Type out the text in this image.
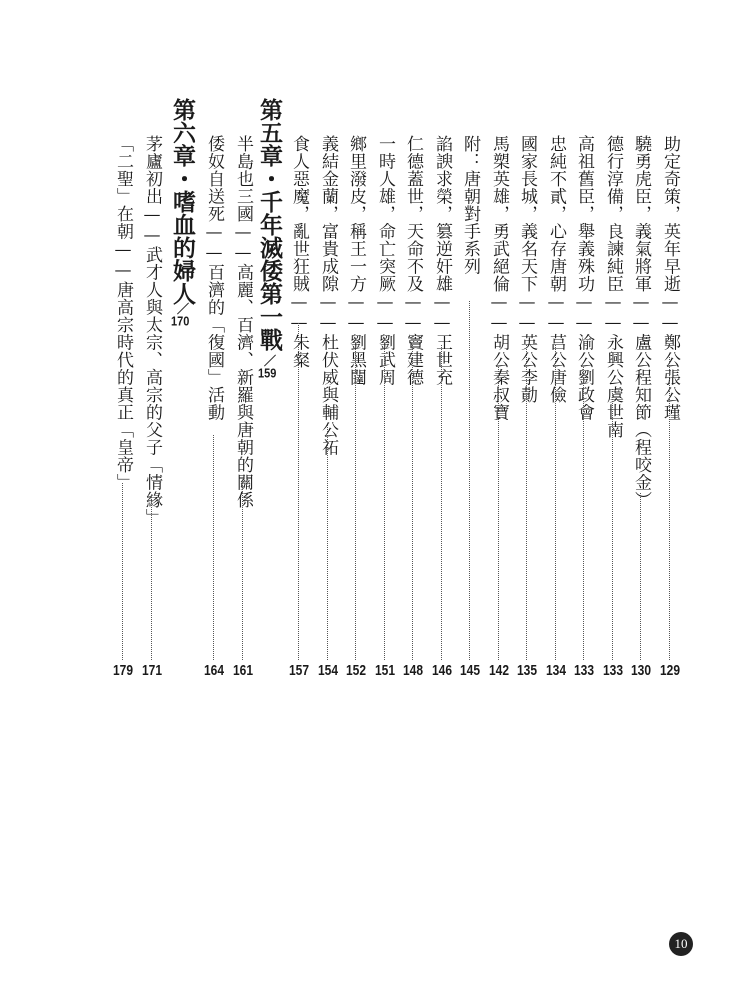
助定奇策，英年早逝——鄭公張公瑾
129
驍勇虎臣，義氣將軍——盧公程知節（程咬金）
130
德行淳備，良諫純臣——永興公虞世南
133
高祖舊臣，舉義殊功——渝公劉政會
133
忠純不貳，心存唐朝——莒公唐儉
134
國家長城，義名天下——英公李勣
135
馬槊英雄，勇武絕倫——胡公秦叔寶
142
附：唐朝對手系列
145
諂諛求榮，篡逆奸雄——王世充
146
仁德蓋世，天命不及——竇建德
148
一時人雄，命亡突厥——劉武周
151
鄉里潑皮，稱王一方——劉黑闥
152
義結金蘭，富貴成隙——杜伏威與輔公祏
154
食人惡魔，亂世狂賊——朱粲
157
第五章・千年滅倭第一戰
159
半島也三國——高麗、百濟、新羅與唐朝的關係
161
倭奴自送死——百濟的「復國」活動
164
第六章・嗜血的婦人
170
茅廬初出——武才人與太宗、高宗的父子「情緣」
171
「二聖」在朝——唐高宗時代的真正「皇帝」
179
10
